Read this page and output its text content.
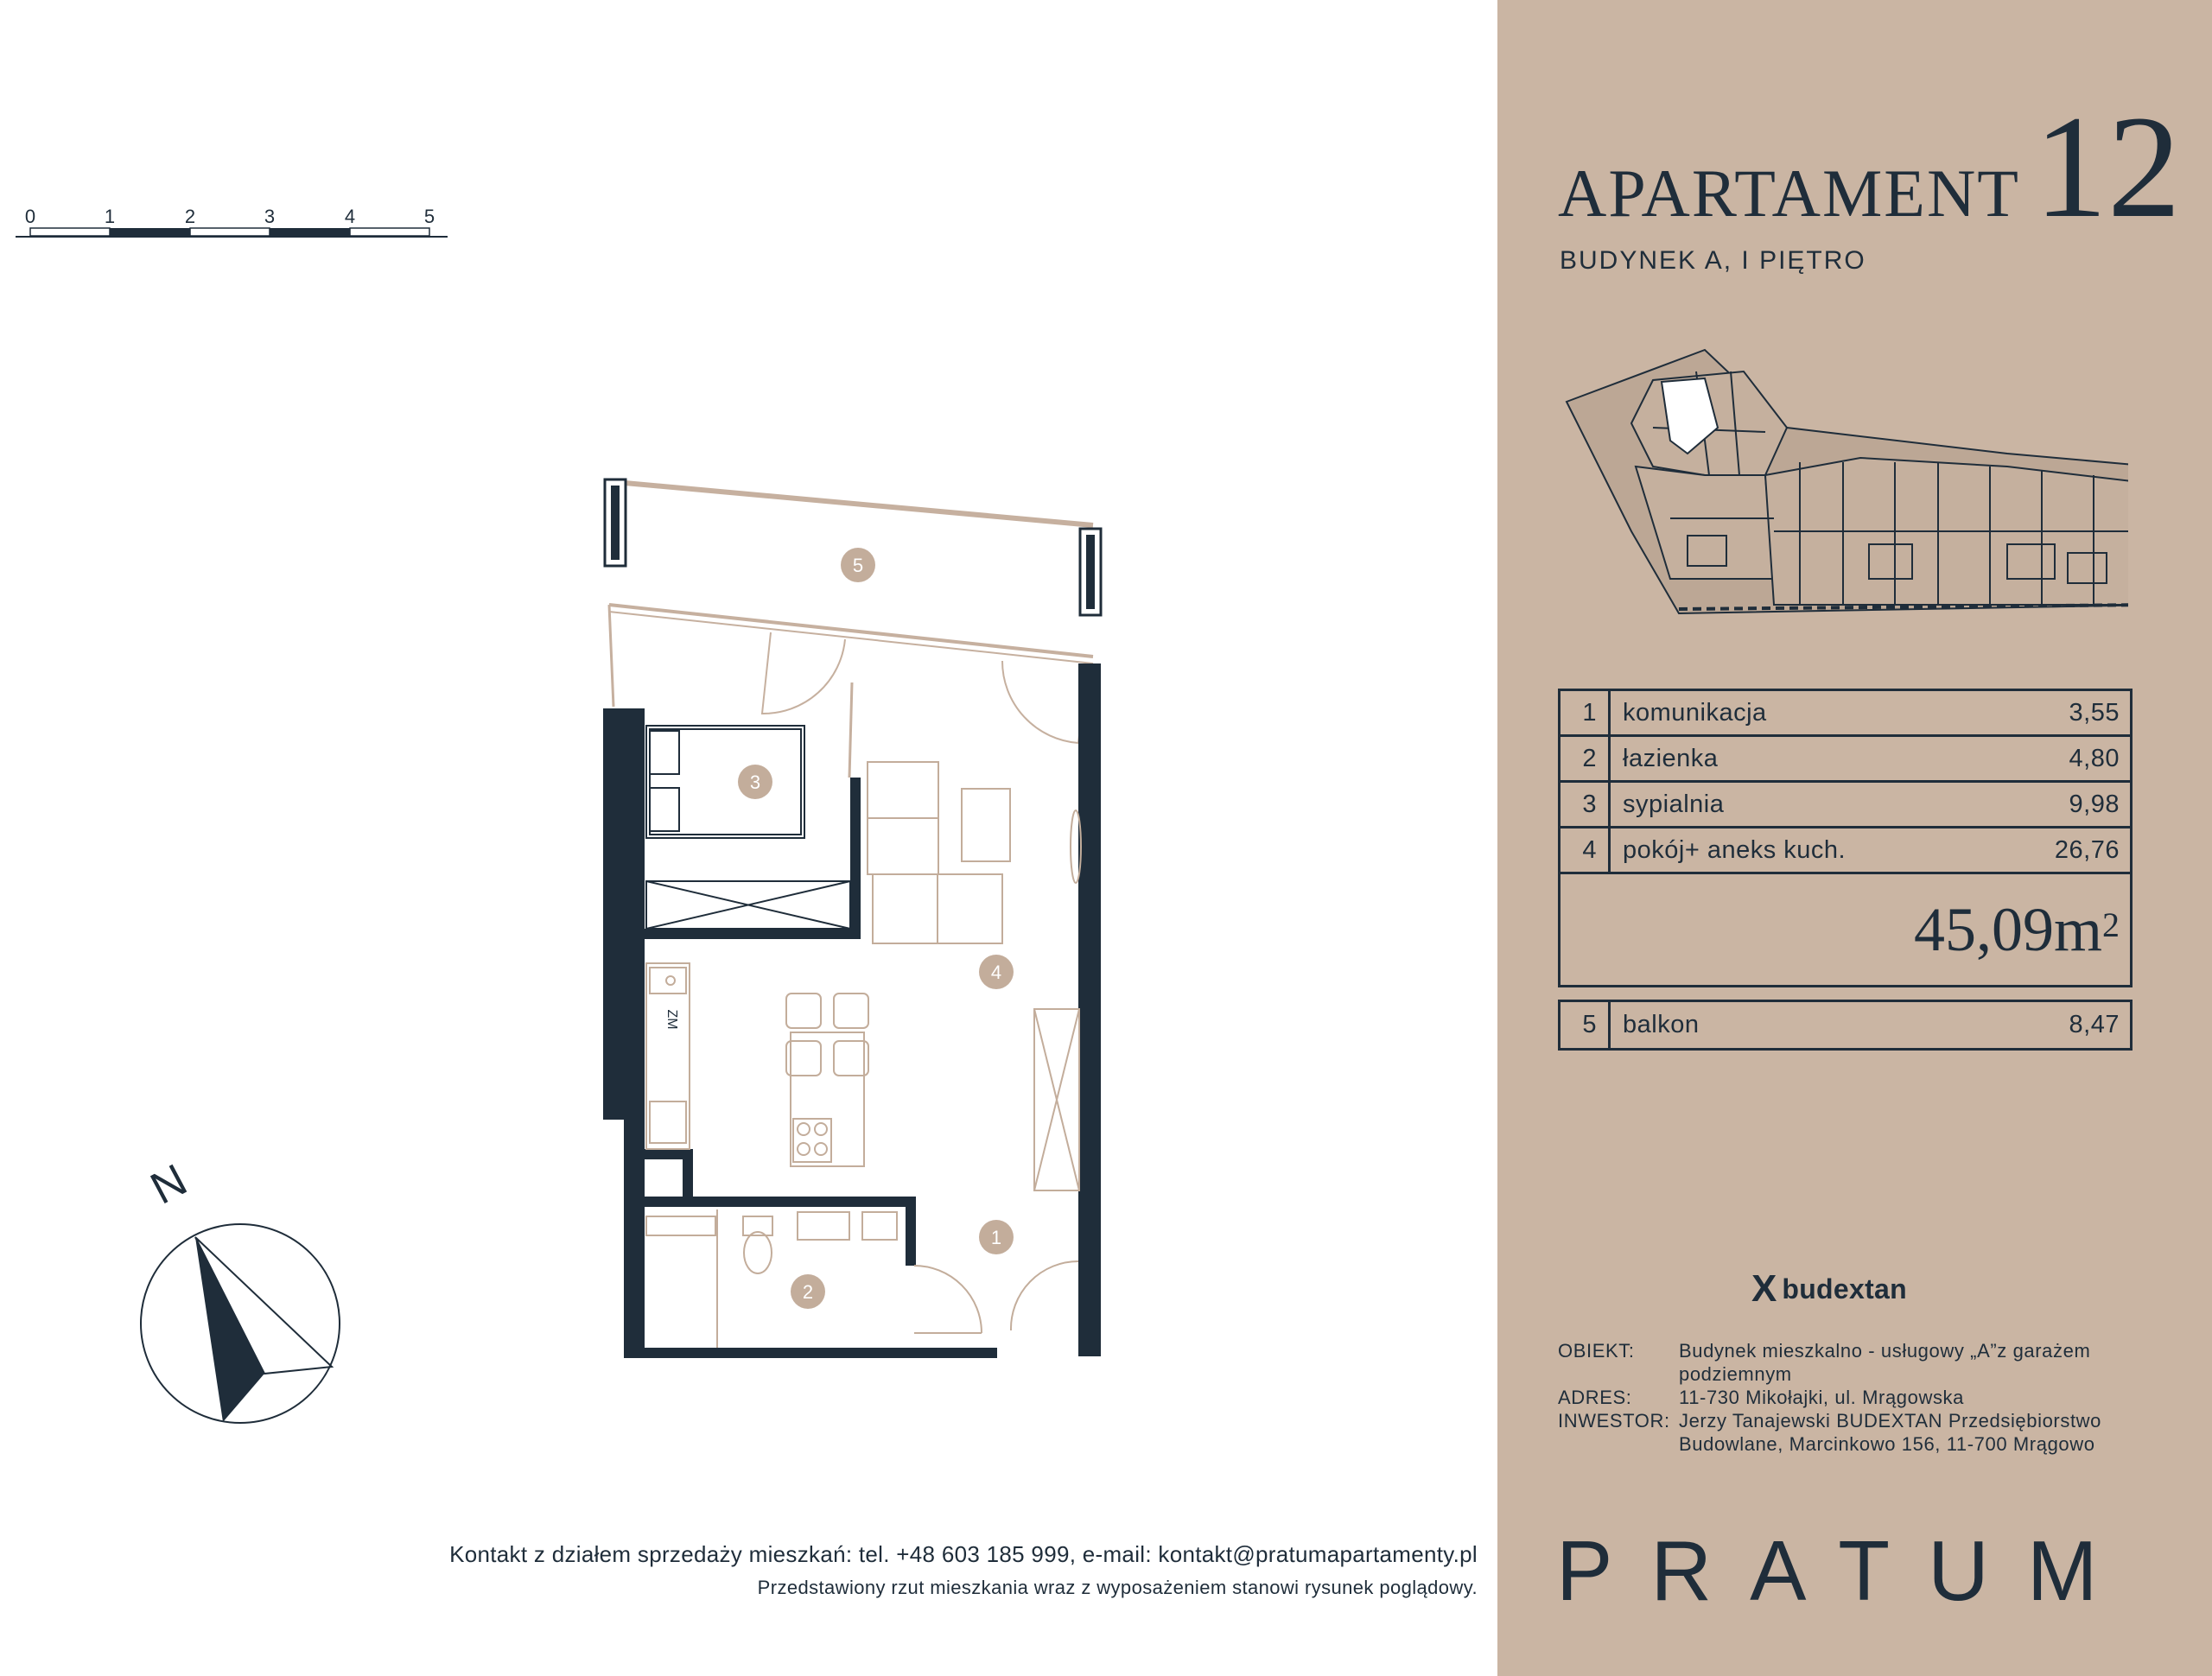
0	1	2	3	4	5
N
ZM
5
3
4
1
2
Kontakt z działem sprzedaży mieszkań: tel. +48 603 185 999, e-mail: kontakt@pratumapartamenty.pl
Przedstawiony rzut mieszkania wraz z wyposażeniem stanowi rysunek poglądowy.
APARTAMENT 12
BUDYNEK A, I PIĘTRO
1	komunikacja	3,55
2	łazienka	4,80
3	sypialnia	9,98
4	pokój+ aneks kuch.	26,76
$45,09m^2$
5	balkon	8,47
X budextan
OBIEKT:	Budynek mieszkalno - usługowy „A”z garażem podziemnym
ADRES:	11-730 Mikołajki, ul. Mrągowska
INWESTOR: Jerzy Tanajewski BUDEXTAN Przedsiębiorstwo Budowlane, Marcinkowo 156, 11-700 Mrągowo
PRATUM
